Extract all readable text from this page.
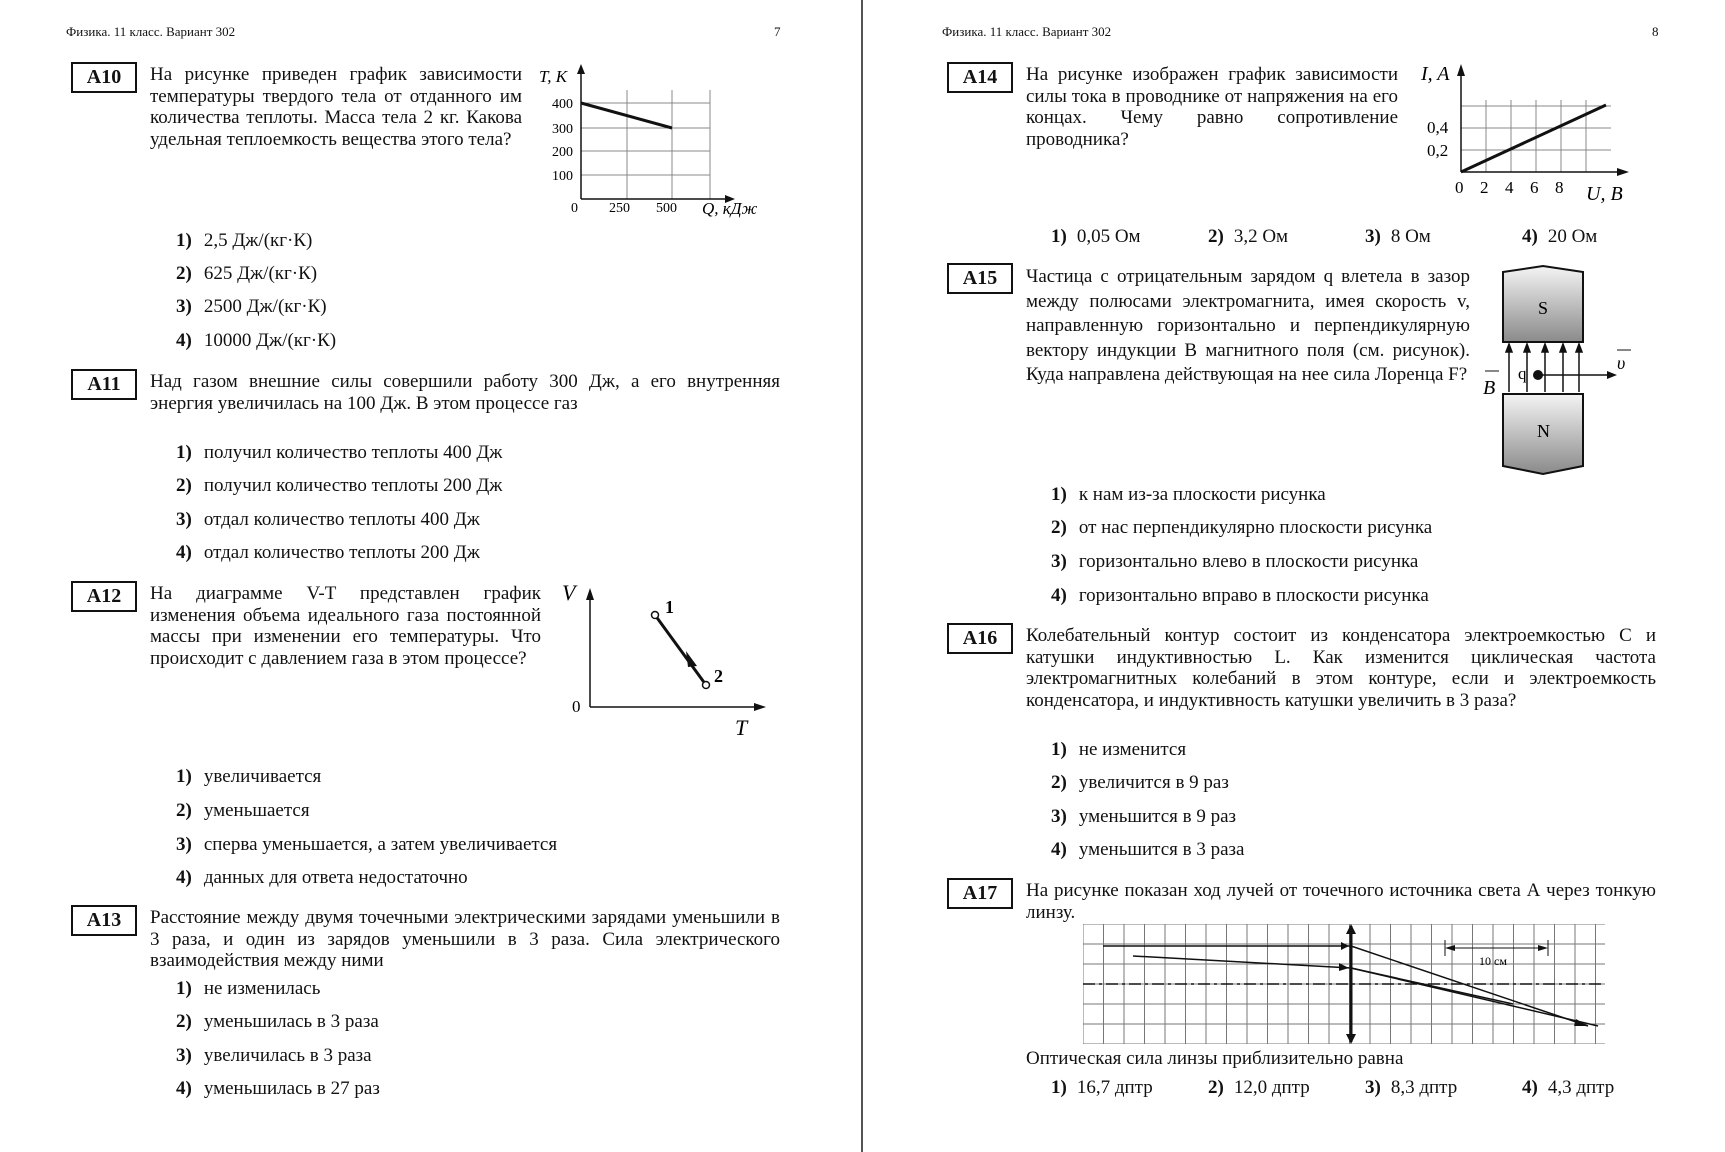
Физика. 11 класс. Вариант 302	7
A10	На рисунке приведен график зависимости температуры твердого тела от отданного им количества теплоты. Масса тела 2 кг. Какова удельная теплоемкость вещества этого тела?
T, K
400
300
200
100
0 250 500 Q, кДж
1) 2,5 Дж/(кг·К)
2) 625 Дж/(кг·К)
3) 2500 Дж/(кг·К)
4) 10000 Дж/(кг·К)
A11	Над газом внешние силы совершили работу 300 Дж, а его внутренняя энергия увеличилась на 100 Дж. В этом процессе газ
1) получил количество теплоты 400 Дж
2) получил количество теплоты 200 Дж
3) отдал количество теплоты 400 Дж
4) отдал количество теплоты 200 Дж
A12	На диаграмме V-T представлен график изменения объема идеального газа постоянной массы при изменении его температуры. Что происходит с давлением газа в этом процессе?
V
T
0
1
2
1) увеличивается
2) уменьшается
3) сперва уменьшается, а затем увеличивается
4) данных для ответа недостаточно
A13	Расстояние между двумя точечными электрическими зарядами уменьшили в 3 раза, и один из зарядов уменьшили в 3 раза. Сила электрического взаимодействия между ними
1) не изменилась
2) уменьшилась в 3 раза
3) увеличилась в 3 раза
4) уменьшилась в 27 раз
Физика. 11 класс. Вариант 302	8
A14	На рисунке изображен график зависимости силы тока в проводнике от напряжения на его концах. Чему равно сопротивление проводника?
I, A
0,4
0,2
0 2 4 6 8 U, B
1) 0,05 Ом	2) 3,2 Ом	3) 8 Ом	4) 20 Ом
A15	Частица с отрицательным зарядом q влетела в зазор между полюсами электромагнита, имея скорость v, направленную горизонтально и перпендикулярную вектору индукции B магнитного поля (см. рисунок). Куда направлена действующая на нее сила Лоренца F?
S
N
q
υ
B
1) к нам из-за плоскости рисунка
2) от нас перпендикулярно плоскости рисунка
3) горизонтально влево в плоскости рисунка
4) горизонтально вправо в плоскости рисунка
A16	Колебательный контур состоит из конденсатора электроемкостью C и катушки индуктивностью L. Как изменится циклическая частота электромагнитных колебаний в этом контуре, если и электроемкость конденсатора, и индуктивность катушки увеличить в 3 раза?
1) не изменится
2) увеличится в 9 раз
3) уменьшится в 9 раз
4) уменьшится в 3 раза
A17	На рисунке показан ход лучей от точечного источника света А через тонкую линзу.
10 см
Оптическая сила линзы приблизительно равна
1) 16,7 дптр	2) 12,0 дптр	3) 8,3 дптр	4) 4,3 дптр
